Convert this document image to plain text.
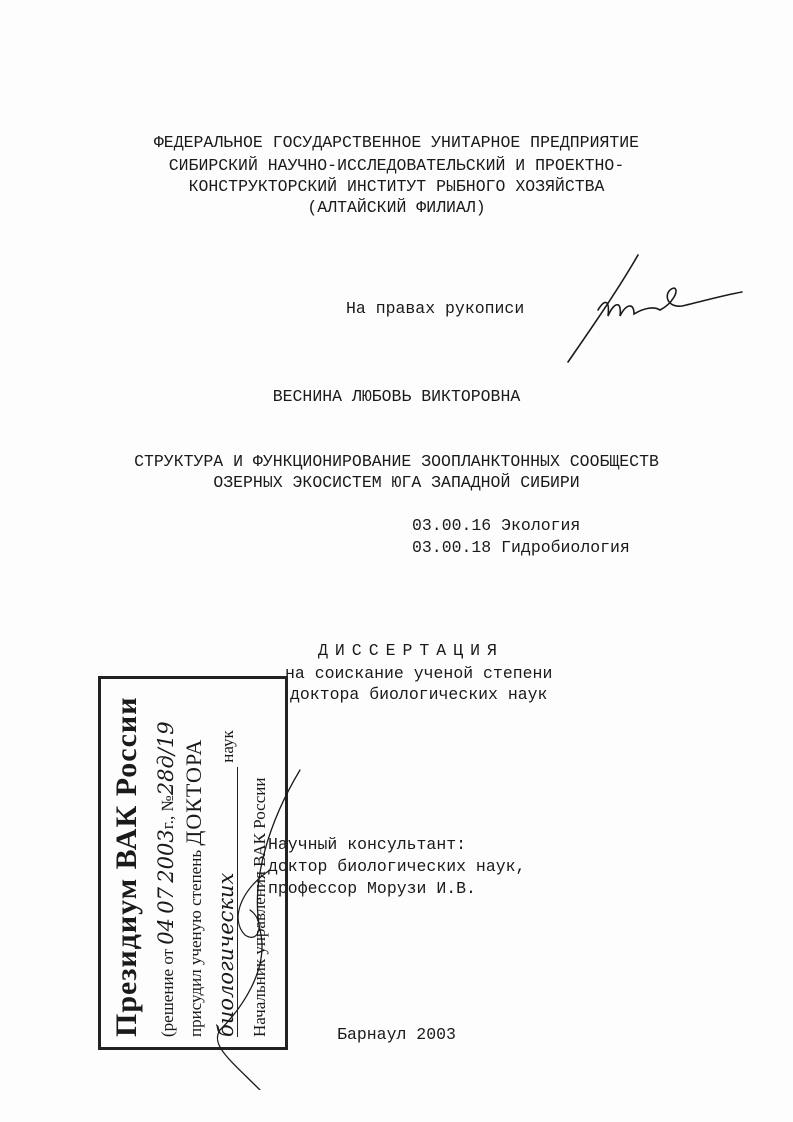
ФЕДЕРАЛЬНОЕ ГОСУДАРСТВЕННОЕ УНИТАРНОЕ ПРЕДПРИЯТИЕ
СИБИРСКИЙ НАУЧНО-ИССЛЕДОВАТЕЛЬСКИЙ И ПРОЕКТНО-
КОНСТРУКТОРСКИЙ ИНСТИТУТ РЫБНОГО ХОЗЯЙСТВА
(АЛТАЙСКИЙ ФИЛИАЛ)
На правах рукописи
ВЕСНИНА ЛЮБОВЬ ВИКТОРОВНА
СТРУКТУРА И ФУНКЦИОНИРОВАНИЕ ЗООПЛАНКТОННЫХ СООБЩЕСТВ
ОЗЕРНЫХ ЭКОСИСТЕМ ЮГА ЗАПАДНОЙ СИБИРИ
03.00.16 Экология
03.00.18 Гидробиология
ДИССЕРТАЦИЯ
на соискание ученой степени
доктора биологических наук
Научный консультант:
доктор биологических наук,
профессор Морузи И.В.
Барнаул 2003
Президиум ВАК России (решение от 04 07 2003г., №28д/19
присудил ученую степень ДОКТОРА
биологических наук
Начальник управления ВАК России
